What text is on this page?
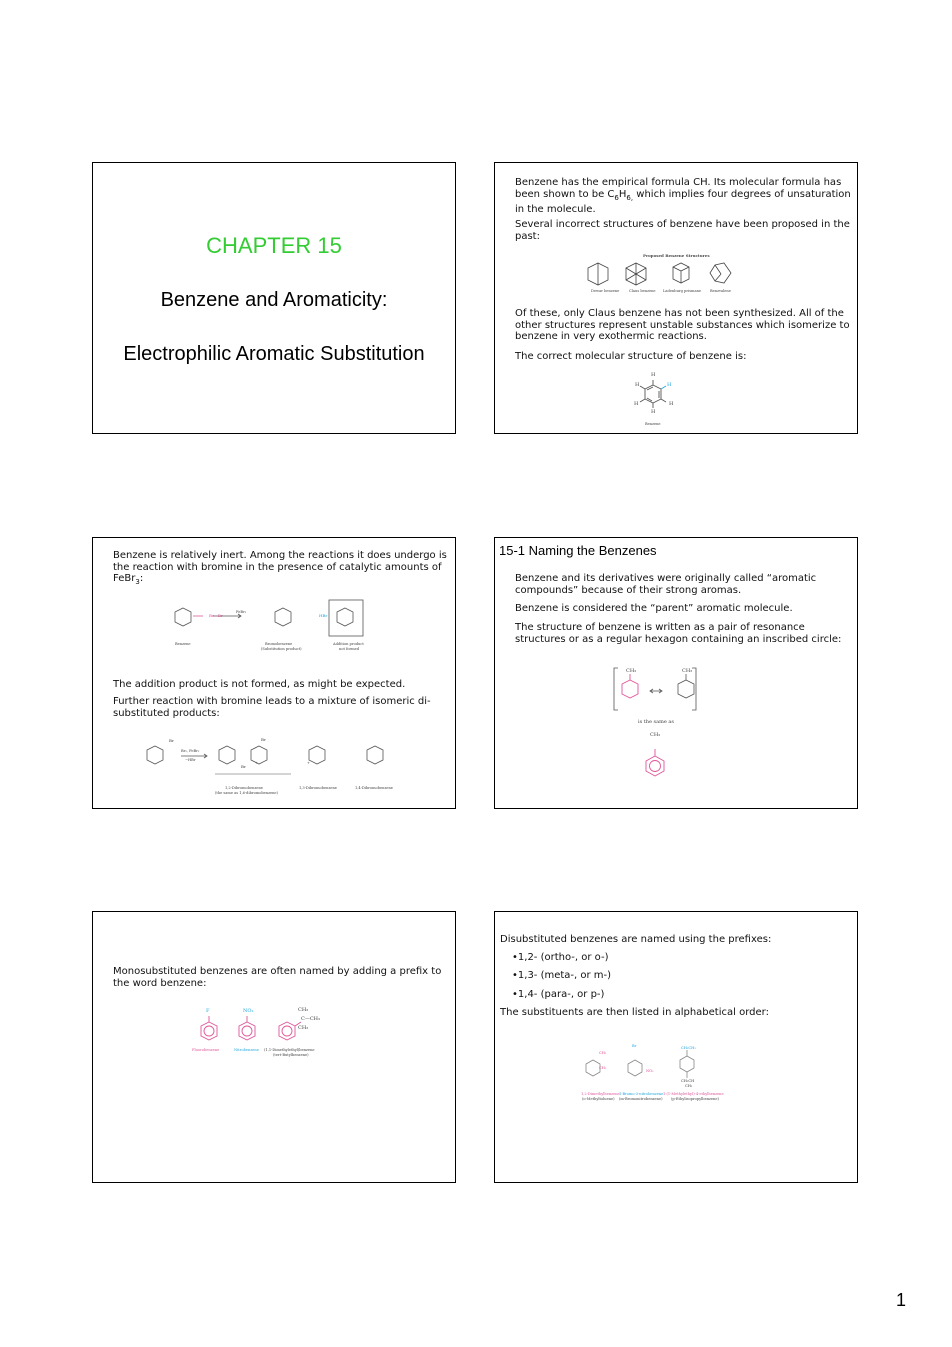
CHAPTER 15
Benzene and Aromaticity:
Electrophilic Aromatic Substitution
Benzene has the empirical formula CH. Its molecular formula has been shown to be $C_6H_{6,}$ which implies four degrees of unsaturation in the molecule.
Several incorrect structures of benzene have been proposed in the past:
Proposed Benzene Structures
Dewar benzene	Claus benzene Ladenburg prismane Benzvalene
Of these, only Claus benzene has not been synthesized. All of the other structures represent unstable substances which isomerize to benzene in very exothermic reactions.
The correct molecular structure of benzene is:
H
H
H
H	H
H
Benzene
Benzene is relatively inert. Among the reactions it does undergo is the reaction with bromine in the presence of catalytic amounts of FeBr$_3$:
Br—Br
FeBr₃
HBr
Benzene	Bromobenzene
(Substitution product)
Addition product
not formed
The addition product is not formed, as might be expected.
Further reaction with bromine leads to a mixture of isomeric di-substituted products:
+	+
Br	Br
Br
Br₂, FeBr₃
−HBr
1,2-Dibromobenzene
(the same as 1,6-dibromobenzene)
1,3-Dibromobenzene	1,4-Dibromobenzene
15-1 Naming the Benzenes
Benzene and its derivatives were originally called “aromatic compounds” because of their strong aromas.
Benzene is considered the “parent” aromatic molecule.
The structure of benzene is written as a pair of resonance structures or as a regular hexagon containing an inscribed circle:
CH₃	CH₃
is the same as
CH₃
Monosubstituted benzenes are often named by adding a prefix to the word benzene:
F	NO₂	CH₃
C—CH₃
CH₃
Fluorobenzene	Nitrobenzene (1,1-Dimethylethyl)benzene
(tert-Butylbenzene)
Disubstituted benzenes are named using the prefixes:
•1,2- (ortho-, or o-)
•1,3- (meta-, or m-)
•1,4- (para-, or p-)
The substituents are then listed in alphabetical order:
CH₃
CH₃
Br
NO₂
CH₂CH₃
CH₃CH
CH₃
1,2-Dimethylbenzene
(o-Methyltoluene)
1-Bromo-3-nitrobenzene
(m-Bromonitrobenzene)
1-(1-Methylethyl)-4-ethylbenzene
(p-Ethylisopropylbenzene)
1
